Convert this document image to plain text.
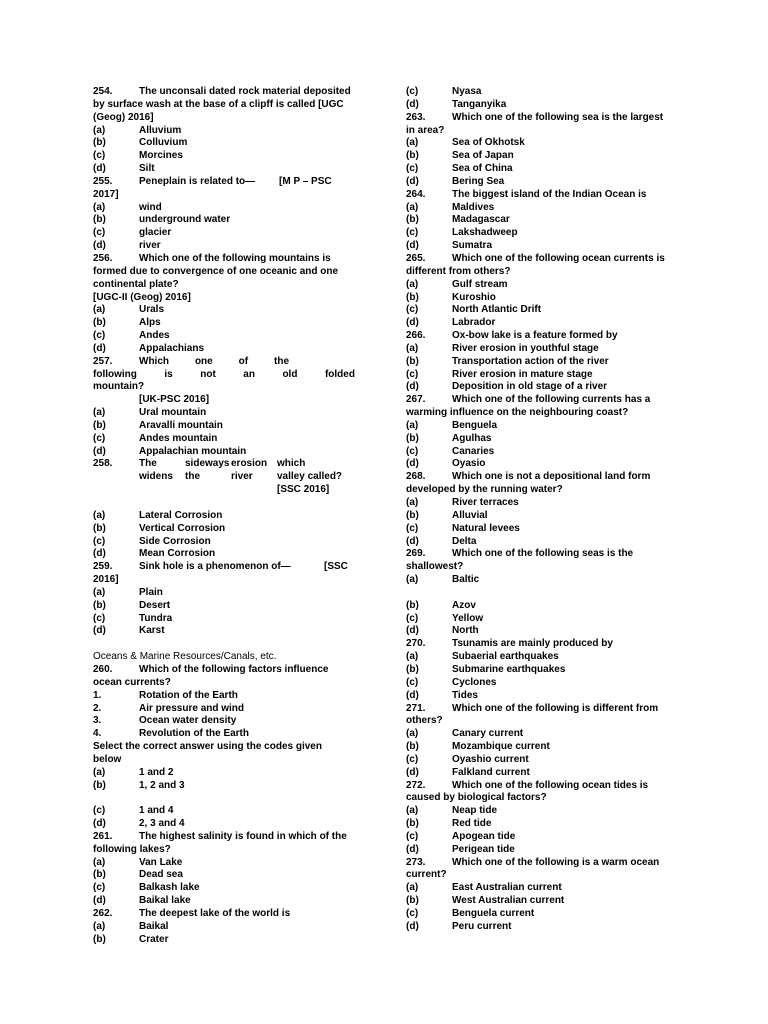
254.	The unconsali dated rock material deposited
by surface wash at the base of a clipff is called [UGC
(Geog) 2016]
(a)	Alluvium
(b)	Colluvium
(c)	Morcines
(d)	Silt
255.	Peneplain is related to—	[M P – PSC
2017]
(a)	wind
(b)	underground water
(c)	glacier
(d)	river
256.	Which one of the following mountains is
formed due to convergence of one oceanic and one
continental plate?
[UGC-II (Geog) 2016]
(a)	Urals
(b)	Alps
(c)	Andes
(d)	Appalachians
257.	Which	one	of	the
following	is	not	an	old	folded
mountain?
[UK-PSC 2016]
(a)	Ural mountain
(b)	Aravalli mountain
(c)	Andes mountain
(d)	Appalachian mountain
258.	The	sideways erosion which
widens	the	river	valley called?
[SSC 2016]
(a)	Lateral Corrosion
(b)	Vertical Corrosion
(c)	Side Corrosion
(d)	Mean Corrosion
259.	Sink hole is a phenomenon of—	[SSC
2016]
(a)	Plain
(b)	Desert
(c)	Tundra
(d)	Karst
Oceans & Marine Resources/Canals, etc.
260.	Which of the following factors influence
ocean currents?
1.	Rotation of the Earth
2.	Air pressure and wind
3.	Ocean water density
4.	Revolution of the Earth
Select the correct answer using the codes given
below
(a)	1 and 2
(b)	1, 2 and 3
(c)	1 and 4
(d)	2, 3 and 4
261.	The highest salinity is found in which of the
following lakes?
(a)	Van Lake
(b)	Dead sea
(c)	Balkash lake
(d)	Baikal lake
262.	The deepest lake of the world is
(a)	Baikal
(b)	Crater
(c)	Nyasa
(d)	Tanganyika
263.	Which one of the following sea is the largest
in area?
(a)	Sea of Okhotsk
(b)	Sea of Japan
(c)	Sea of China
(d)	Bering Sea
264.	The biggest island of the Indian Ocean is
(a)	Maldives
(b)	Madagascar
(c)	Lakshadweep
(d)	Sumatra
265.	Which one of the following ocean currents is
different from others?
(a)	Gulf stream
(b)	Kuroshio
(c)	North Atlantic Drift
(d)	Labrador
266.	Ox-bow lake is a feature formed by
(a)	River erosion in youthful stage
(b)	Transportation action of the river
(c)	River erosion in mature stage
(d)	Deposition in old stage of a river
267.	Which one of the following currents has a
warming influence on the neighbouring coast?
(a)	Benguela
(b)	Agulhas
(c)	Canaries
(d)	Oyasio
268.	Which one is not a depositional land form
developed by the running water?
(a)	River terraces
(b)	Alluvial
(c)	Natural levees
(d)	Delta
269.	Which one of the following seas is the
shallowest?
(a)	Baltic
(b)	Azov
(c)	Yellow
(d)	North
270.	Tsunamis are mainly produced by
(a)	Subaerial earthquakes
(b)	Submarine earthquakes
(c)	Cyclones
(d)	Tides
271.	Which one of the following is different from
others?
(a)	Canary current
(b)	Mozambique current
(c)	Oyashio current
(d)	Falkland current
272.	Which one of the following ocean tides is
caused by biological factors?
(a)	Neap tide
(b)	Red tide
(c)	Apogean tide
(d)	Perigean tide
273.	Which one of the following is a warm ocean
current?
(a)	East Australian current
(b)	West Australian current
(c)	Benguela current
(d)	Peru current
